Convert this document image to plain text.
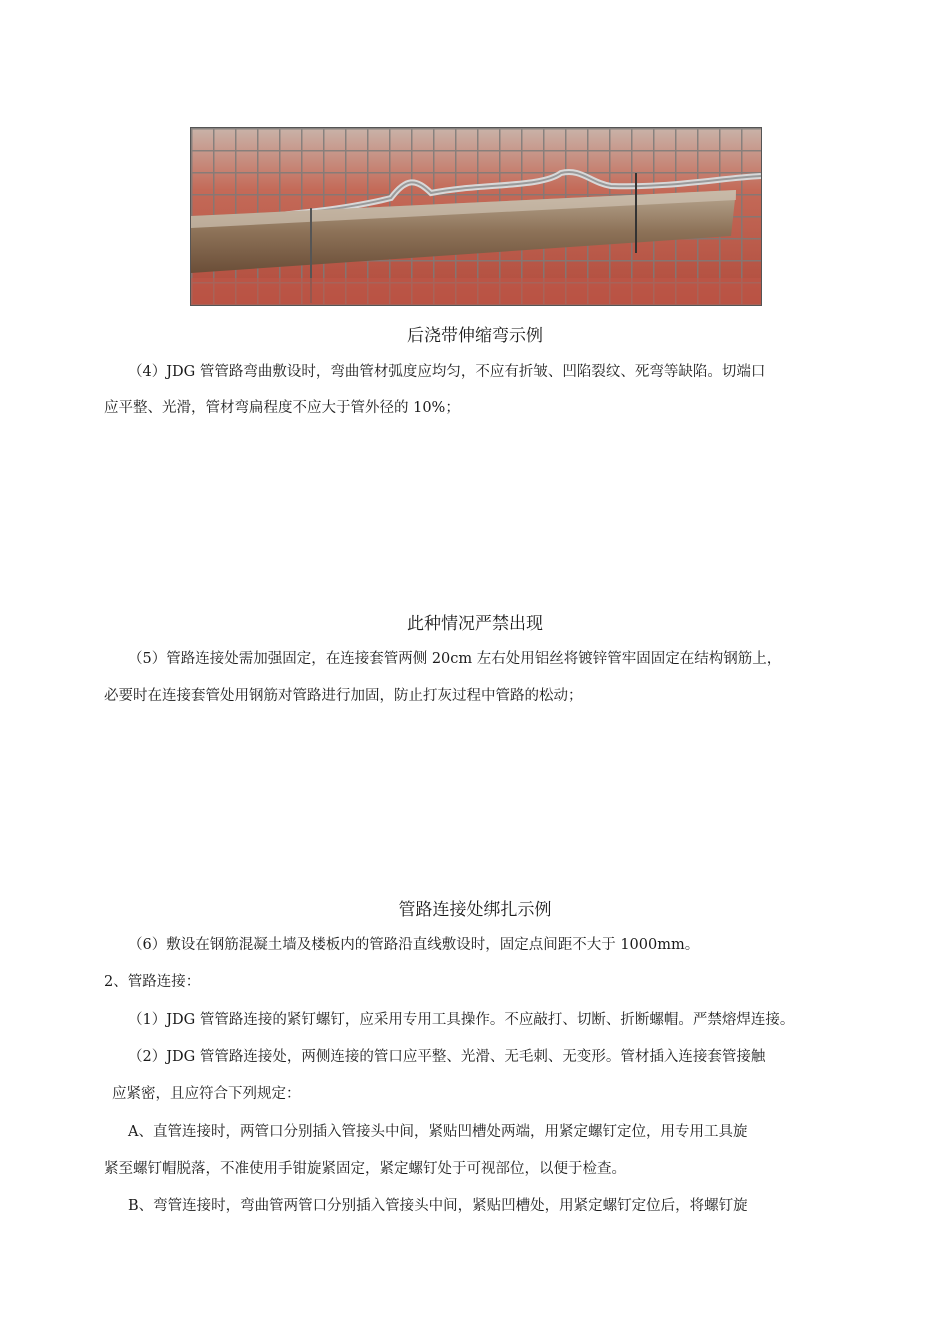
后浇带伸缩弯示例
（4）JDG 管管路弯曲敷设时，弯曲管材弧度应均匀，不应有折皱、凹陷裂纹、死弯等缺陷。切端口
应平整、光滑，管材弯扁程度不应大于管外径的 10%；
此种情况严禁出现
（5）管路连接处需加强固定，在连接套管两侧 20cm 左右处用铝丝将镀锌管牢固固定在结构钢筋上，
必要时在连接套管处用钢筋对管路进行加固，防止打灰过程中管路的松动；
管路连接处绑扎示例
（6）敷设在钢筋混凝土墙及楼板内的管路沿直线敷设时，固定点间距不大于 1000mm。
2、管路连接：
（1）JDG 管管路连接的紧钉螺钉，应采用专用工具操作。不应敲打、切断、折断螺帽。严禁熔焊连接。
（2）JDG 管管路连接处，两侧连接的管口应平整、光滑、无毛刺、无变形。管材插入连接套管接触
应紧密，且应符合下列规定：
A、直管连接时，两管口分别插入管接头中间，紧贴凹槽处两端，用紧定螺钉定位，用专用工具旋
紧至螺钉帽脱落，不准使用手钳旋紧固定，紧定螺钉处于可视部位，以便于检查。
B、弯管连接时，弯曲管两管口分别插入管接头中间，紧贴凹槽处，用紧定螺钉定位后，将螺钉旋
